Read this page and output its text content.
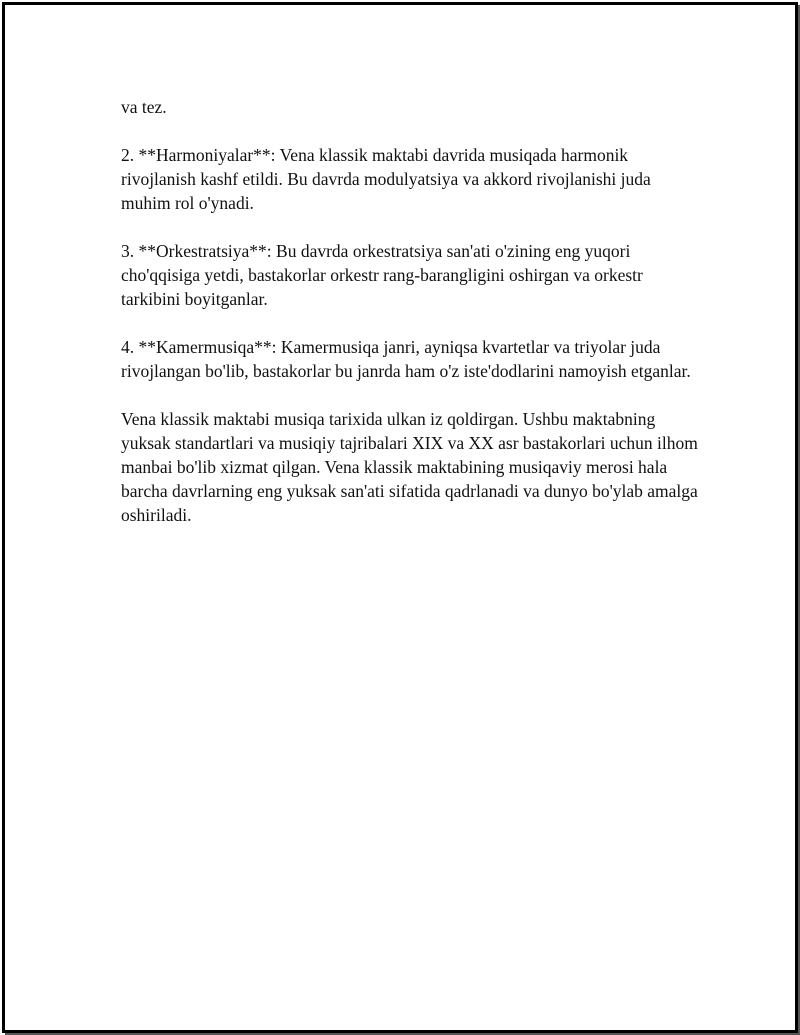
va tez.

2. **Harmoniyalar**: Vena klassik maktabi davrida musiqada harmonik rivojlanish kashf etildi. Bu davrda modulyatsiya va akkord rivojlanishi juda muhim rol o'ynadi.

3. **Orkestratsiya**: Bu davrda orkestratsiya san'ati o'zining eng yuqori cho'qqisiga yetdi, bastakorlar orkestr rang-barangligini oshirgan va orkestr tarkibini boyitganlar.

4. **Kamermusiqa**: Kamermusiqa janri, ayniqsa kvartetlar va triyolar juda rivojlangan bo'lib, bastakorlar bu janrda ham o'z iste'dodlarini namoyish etganlar.

Vena klassik maktabi musiqa tarixida ulkan iz qoldirgan. Ushbu maktabning yuksak standartlari va musiqiy tajribalari XIX va XX asr bastakorlari uchun ilhom manbai bo'lib xizmat qilgan. Vena klassik maktabining musiqaviy merosi hala barcha davrlarning eng yuksak san'ati sifatida qadrlanadi va dunyo bo'ylab amalga oshiriladi.
